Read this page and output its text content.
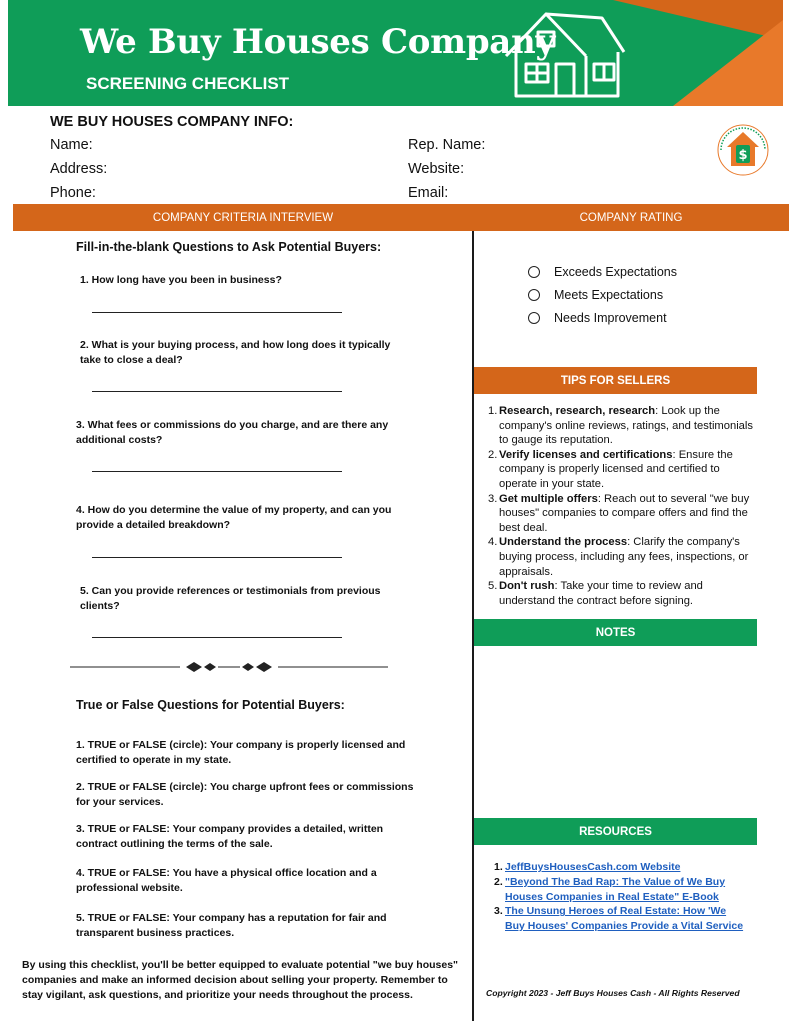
We Buy Houses Company
SCREENING CHECKLIST
WE BUY HOUSES COMPANY INFO:
Name:
Address:
Phone:
Rep. Name:
Website:
Email:
$
COMPANY CRITERIA INTERVIEW	COMPANY RATING
Fill-in-the-blank Questions to Ask Potential Buyers:
1. How long have you been in business?
2. What is your buying process, and how long does it typically take to close a deal?
3. What fees or commissions do you charge, and are there any additional costs?
4. How do you determine the value of my property, and can you provide a detailed breakdown?
5. Can you provide references or testimonials from previous clients?
True or False Questions for Potential Buyers:
1. TRUE or FALSE (circle): Your company is properly licensed and certified to operate in my state.
2. TRUE or FALSE (circle): You charge upfront fees or commissions for your services.
3. TRUE or FALSE: Your company provides a detailed, written contract outlining the terms of the sale.
4. TRUE or FALSE: You have a physical office location and a professional website.
5. TRUE or FALSE: Your company has a reputation for fair and transparent business practices.
By using this checklist, you'll be better equipped to evaluate potential "we buy houses" companies and make an informed decision about selling your property. Remember to stay vigilant, ask questions, and prioritize your needs throughout the process.
Exceeds Expectations
Meets Expectations
Needs Improvement
TIPS FOR SELLERS
1. Research, research, research: Look up the company's online reviews, ratings, and testimonials to gauge its reputation.
2. Verify licenses and certifications: Ensure the company is properly licensed and certified to operate in your state.
3. Get multiple offers: Reach out to several "we buy houses" companies to compare offers and find the best deal.
4. Understand the process: Clarify the company's buying process, including any fees, inspections, or appraisals.
5. Don't rush: Take your time to review and understand the contract before signing.
NOTES
RESOURCES
1. JeffBuysHousesCash.com Website
2. "Beyond The Bad Rap: The Value of We Buy Houses Companies in Real Estate" E-Book
3. The Unsung Heroes of Real Estate: How 'We Buy Houses' Companies Provide a Vital Service
Copyright 2023 - Jeff Buys Houses Cash - All Rights Reserved
